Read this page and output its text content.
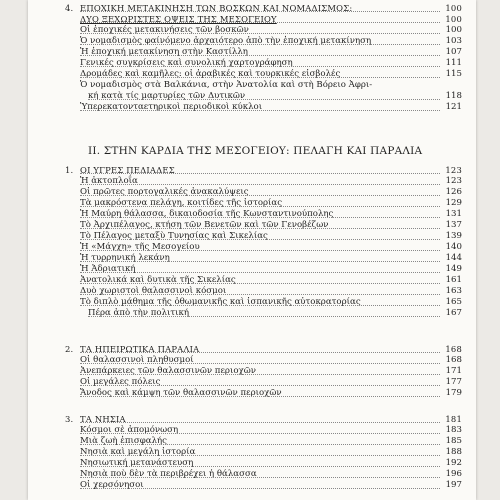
4. ΕΠΟΧΙΚΗ ΜΕΤΑΚΙΝΗΣΗ ΤΩΝ ΒΟΣΚΩΝ ΚΑΙ ΝΟΜΑΔΙΣΜΟΣ:	100
ΔΥΟ ΞΕΧΩΡΙΣΤΕΣ ΟΨΕΙΣ ΤΗΣ ΜΕΣΟΓΕΙΟΥ	100
Οἱ ἐποχικές μετακινήσεις τῶν βοσκῶν	100
Ὁ νομαδισμὸς φαίνόμενο ἀρχαιότερο ἀπὸ τὴν ἐποχική μετακίνηση	103
Ἡ ἐποχική μετακίνηση στὴν Καστίλλη	107
Γενικές συγκρίσεις καὶ συνολική χαρτογράφηση	111
Δρομάδες καὶ καμῆλες: οἱ ἀραβικές καὶ τουρκικές εἰσβολές	115
Ὁ νομαδισμὸς στὰ Βαλκάνια, στὴν Ἀνατολία καὶ στὴ Βόρειο Ἀφρι-
κή κατὰ τίς μαρτυρίες τῶν Δυτικῶν	118
Ὑπερεκατονταετηρικοὶ περιοδικοὶ κύκλοι	121
II. ΣΤΗΝ ΚΑΡΔΙΑ ΤΗΣ ΜΕΣΟΓΕΙΟΥ: ΠΕΛΑΓΗ ΚΑΙ ΠΑΡΑΛΙΑ
1. ΟΙ ΥΓΡΕΣ ΠΕΔΙΑΔΕΣ	123
Ἡ ἀκτοπλοΐα	123
Οἱ πρῶτες πορτογαλικές ἀνακαλύψεις	126
Τὰ μακρόστενα πελάγη, κοιτίδες τῆς ἱστορίας	129
Ἡ Μαύρη θάλασσα, δικαιοδοσία τῆς Κωνσταντινούπολης	131
Τὸ Ἀρχιπέλαγος, κτήση τῶν Βενετῶν καὶ τῶν Γενοβέζων	137
Τὸ Πέλαγος μεταξὺ Τυνησίας καὶ Σικελίας	139
Ἡ «Μάγχη» τῆς Μεσογείου	140
Ἡ τυρρηνική λεκάνη	144
Ἡ Ἀδριατική	149
Ἀνατολικά καὶ δυτικὰ τῆς Σικελίας	161
Δυὸ χωριστοὶ θαλασσινοὶ κόσμοι	163
Τὸ διπλὸ μάθημα τῆς ὀθωμανικῆς καὶ ἱσπανικῆς αὐτοκρατορίας	165
Πέρα ἀπὸ τὴν πολιτική	167
2. ΤΑ ΗΠΕΙΡΩΤΙΚΑ ΠΑΡΑΛΙΑ	168
Οἱ θαλασσινοὶ πληθυσμοί	168
Ἀνεπάρκειες τῶν θαλασσινῶν περιοχῶν	171
Οἱ μεγάλες πόλεις	177
Ἄνοδος καὶ κάμψη τῶν θαλασσινῶν περιοχῶν	179
3. ΤΑ ΝΗΣΙΑ	181
Κόσμοι σὲ ἀπομόνωση	183
Μιὰ ζωὴ ἐπισφαλής	185
Νησιὰ καὶ μεγάλη ἱστορία	188
Νησιωτική μετανάστευση	192
Νησιὰ ποὺ δὲν τὰ περιβρέχει ἡ θάλασσα	196
Οἱ χερσόνησοι	197
